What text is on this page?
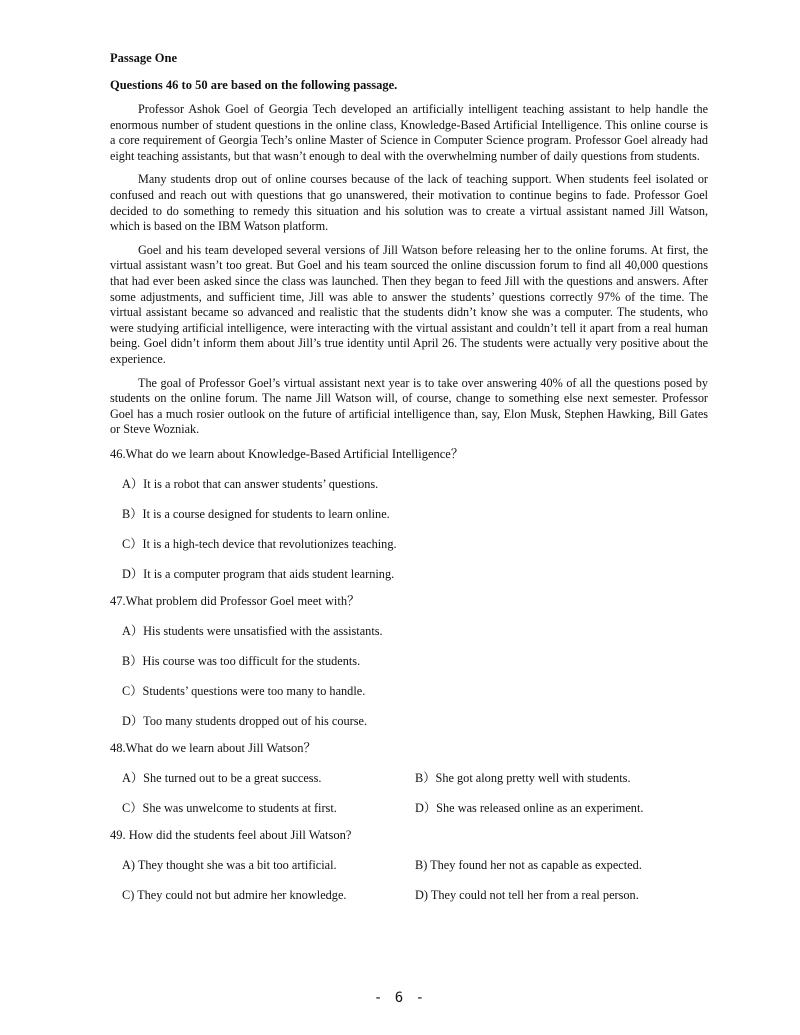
Passage One
Questions 46 to 50 are based on the following passage.

Professor Ashok Goel of Georgia Tech developed an artificially intelligent teaching assistant to help handle the enormous number of student questions in the online class, Knowledge-Based Artificial Intelligence. This online course is a core requirement of Georgia Tech’s online Master of Science in Computer Science program. Professor Goel already had eight teaching assistants, but that wasn’t enough to deal with the overwhelming number of daily questions from students.

Many students drop out of online courses because of the lack of teaching support. When students feel isolated or confused and reach out with questions that go unanswered, their motivation to continue begins to fade. Professor Goel decided to do something to remedy this situation and his solution was to create a virtual assistant named Jill Watson, which is based on the IBM Watson platform.

Goel and his team developed several versions of Jill Watson before releasing her to the online forums. At first, the virtual assistant wasn’t too great. But Goel and his team sourced the online discussion forum to find all 40,000 questions that had ever been asked since the class was launched. Then they began to feed Jill with the questions and answers. After some adjustments, and sufficient time, Jill was able to answer the students’ questions correctly 97% of the time. The virtual assistant became so advanced and realistic that the students didn’t know she was a computer. The students, who were studying artificial intelligence, were interacting with the virtual assistant and couldn’t tell it apart from a real human being. Goel didn’t inform them about Jill’s true identity until April 26. The students were actually very positive about the experience.

The goal of Professor Goel’s virtual assistant next year is to take over answering 40% of all the questions posed by students on the online forum. The name Jill Watson will, of course, change to something else next semester. Professor Goel has a much rosier outlook on the future of artificial intelligence than, say, Elon Musk, Stephen Hawking, Bill Gates or Steve Wozniak.

46.What do we learn about Knowledge-Based Artificial Intelligence？
A）It is a robot that can answer students’ questions.
B）It is a course designed for students to learn online.
C）It is a high-tech device that revolutionizes teaching.
D）It is a computer program that aids student learning.
47.What problem did Professor Goel meet with？
A）His students were unsatisfied with the assistants.
B）His course was too difficult for the students.
C）Students’ questions were too many to handle.
D）Too many students dropped out of his course.
48.What do we learn about Jill Watson？
A）She turned out to be a great success.	B）She got along pretty well with students.
C）She was unwelcome to students at first.	D）She was released online as an experiment.
49. How did the students feel about Jill Watson?
A) They thought she was a bit too artificial.	B) They found her not as capable as expected.
C) They could not but admire her knowledge.	D) They could not tell her from a real person.
- 6 -
